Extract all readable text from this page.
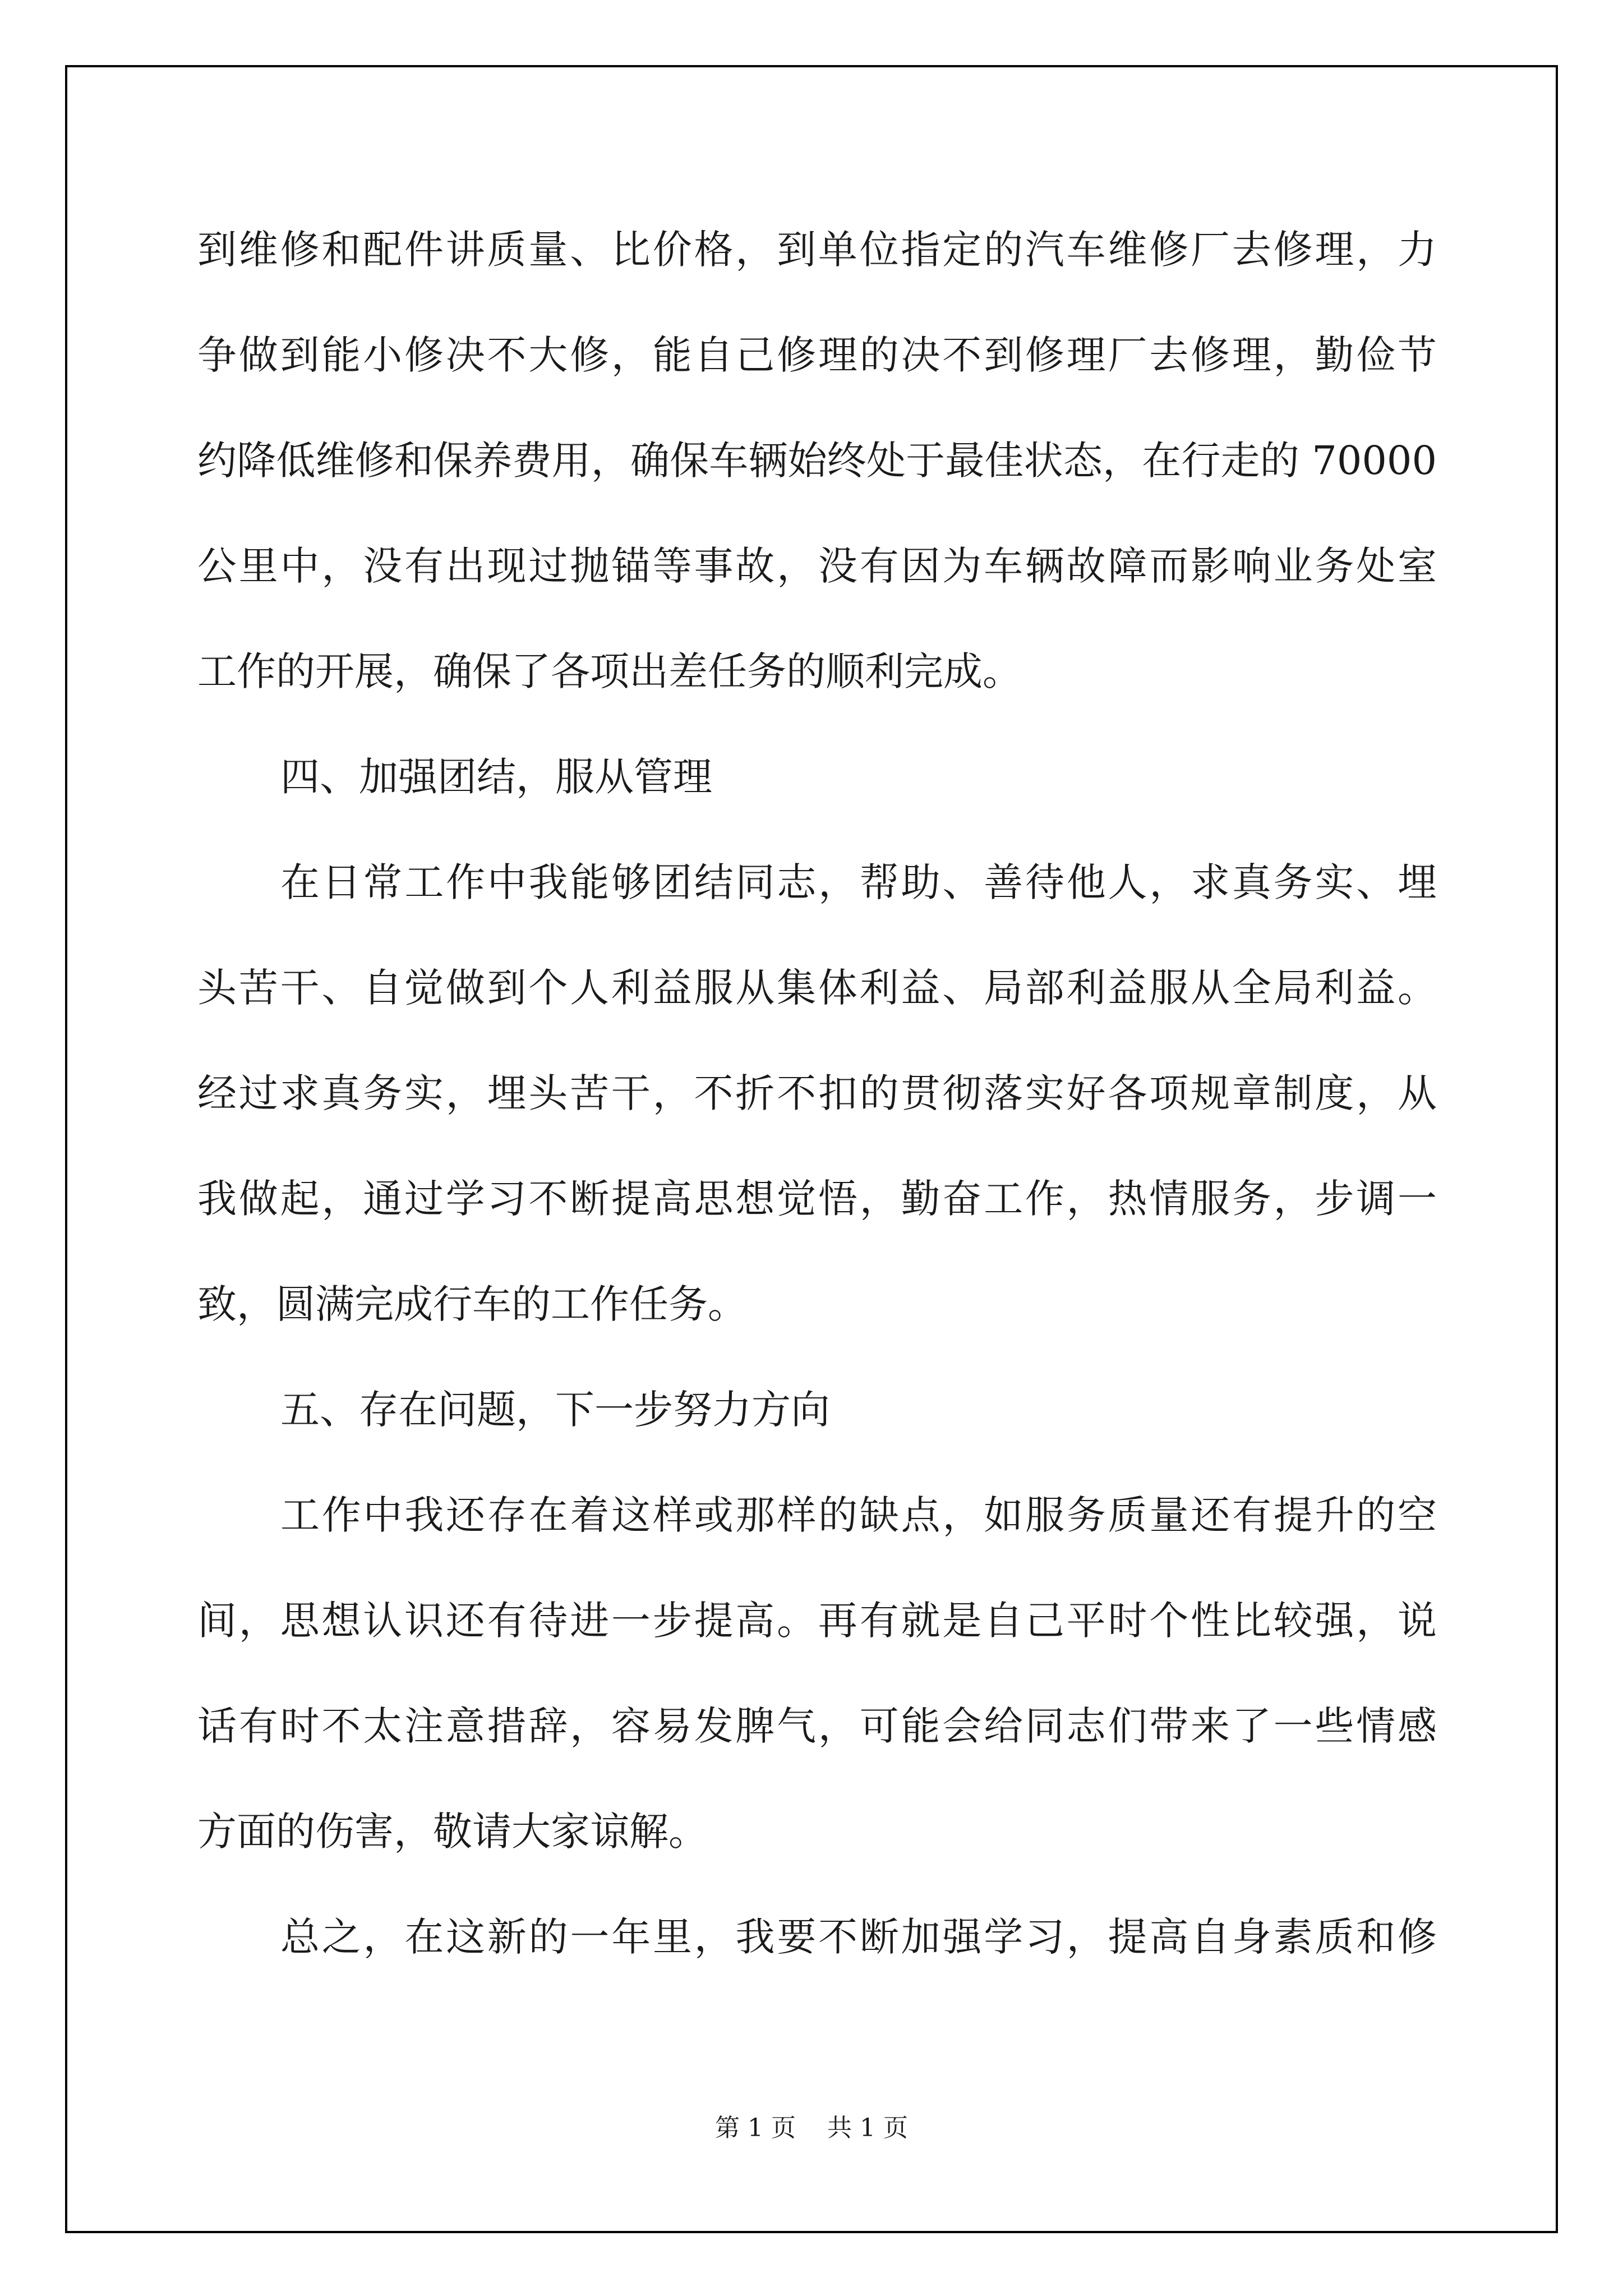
到维修和配件讲质量、比价格，到单位指定的汽车维修厂去修理，力
争做到能小修决不大修，能自己修理的决不到修理厂去修理，勤俭节
约降低维修和保养费用，确保车辆始终处于最佳状态，在行走的 70000
公里中，没有出现过抛锚等事故，没有因为车辆故障而影响业务处室
工作的开展，确保了各项出差任务的顺利完成。
四、加强团结，服从管理
在日常工作中我能够团结同志，帮助、善待他人，求真务实、埋
头苦干、自觉做到个人利益服从集体利益、局部利益服从全局利益。
经过求真务实，埋头苦干，不折不扣的贯彻落实好各项规章制度，从
我做起，通过学习不断提高思想觉悟，勤奋工作，热情服务，步调一
致，圆满完成行车的工作任务。
五、存在问题，下一步努力方向
工作中我还存在着这样或那样的缺点，如服务质量还有提升的空
间，思想认识还有待进一步提高。再有就是自己平时个性比较强，说
话有时不太注意措辞，容易发脾气，可能会给同志们带来了一些情感
方面的伤害，敬请大家谅解。
总之，在这新的一年里，我要不断加强学习，提高自身素质和修
第 1 页 共 1 页
